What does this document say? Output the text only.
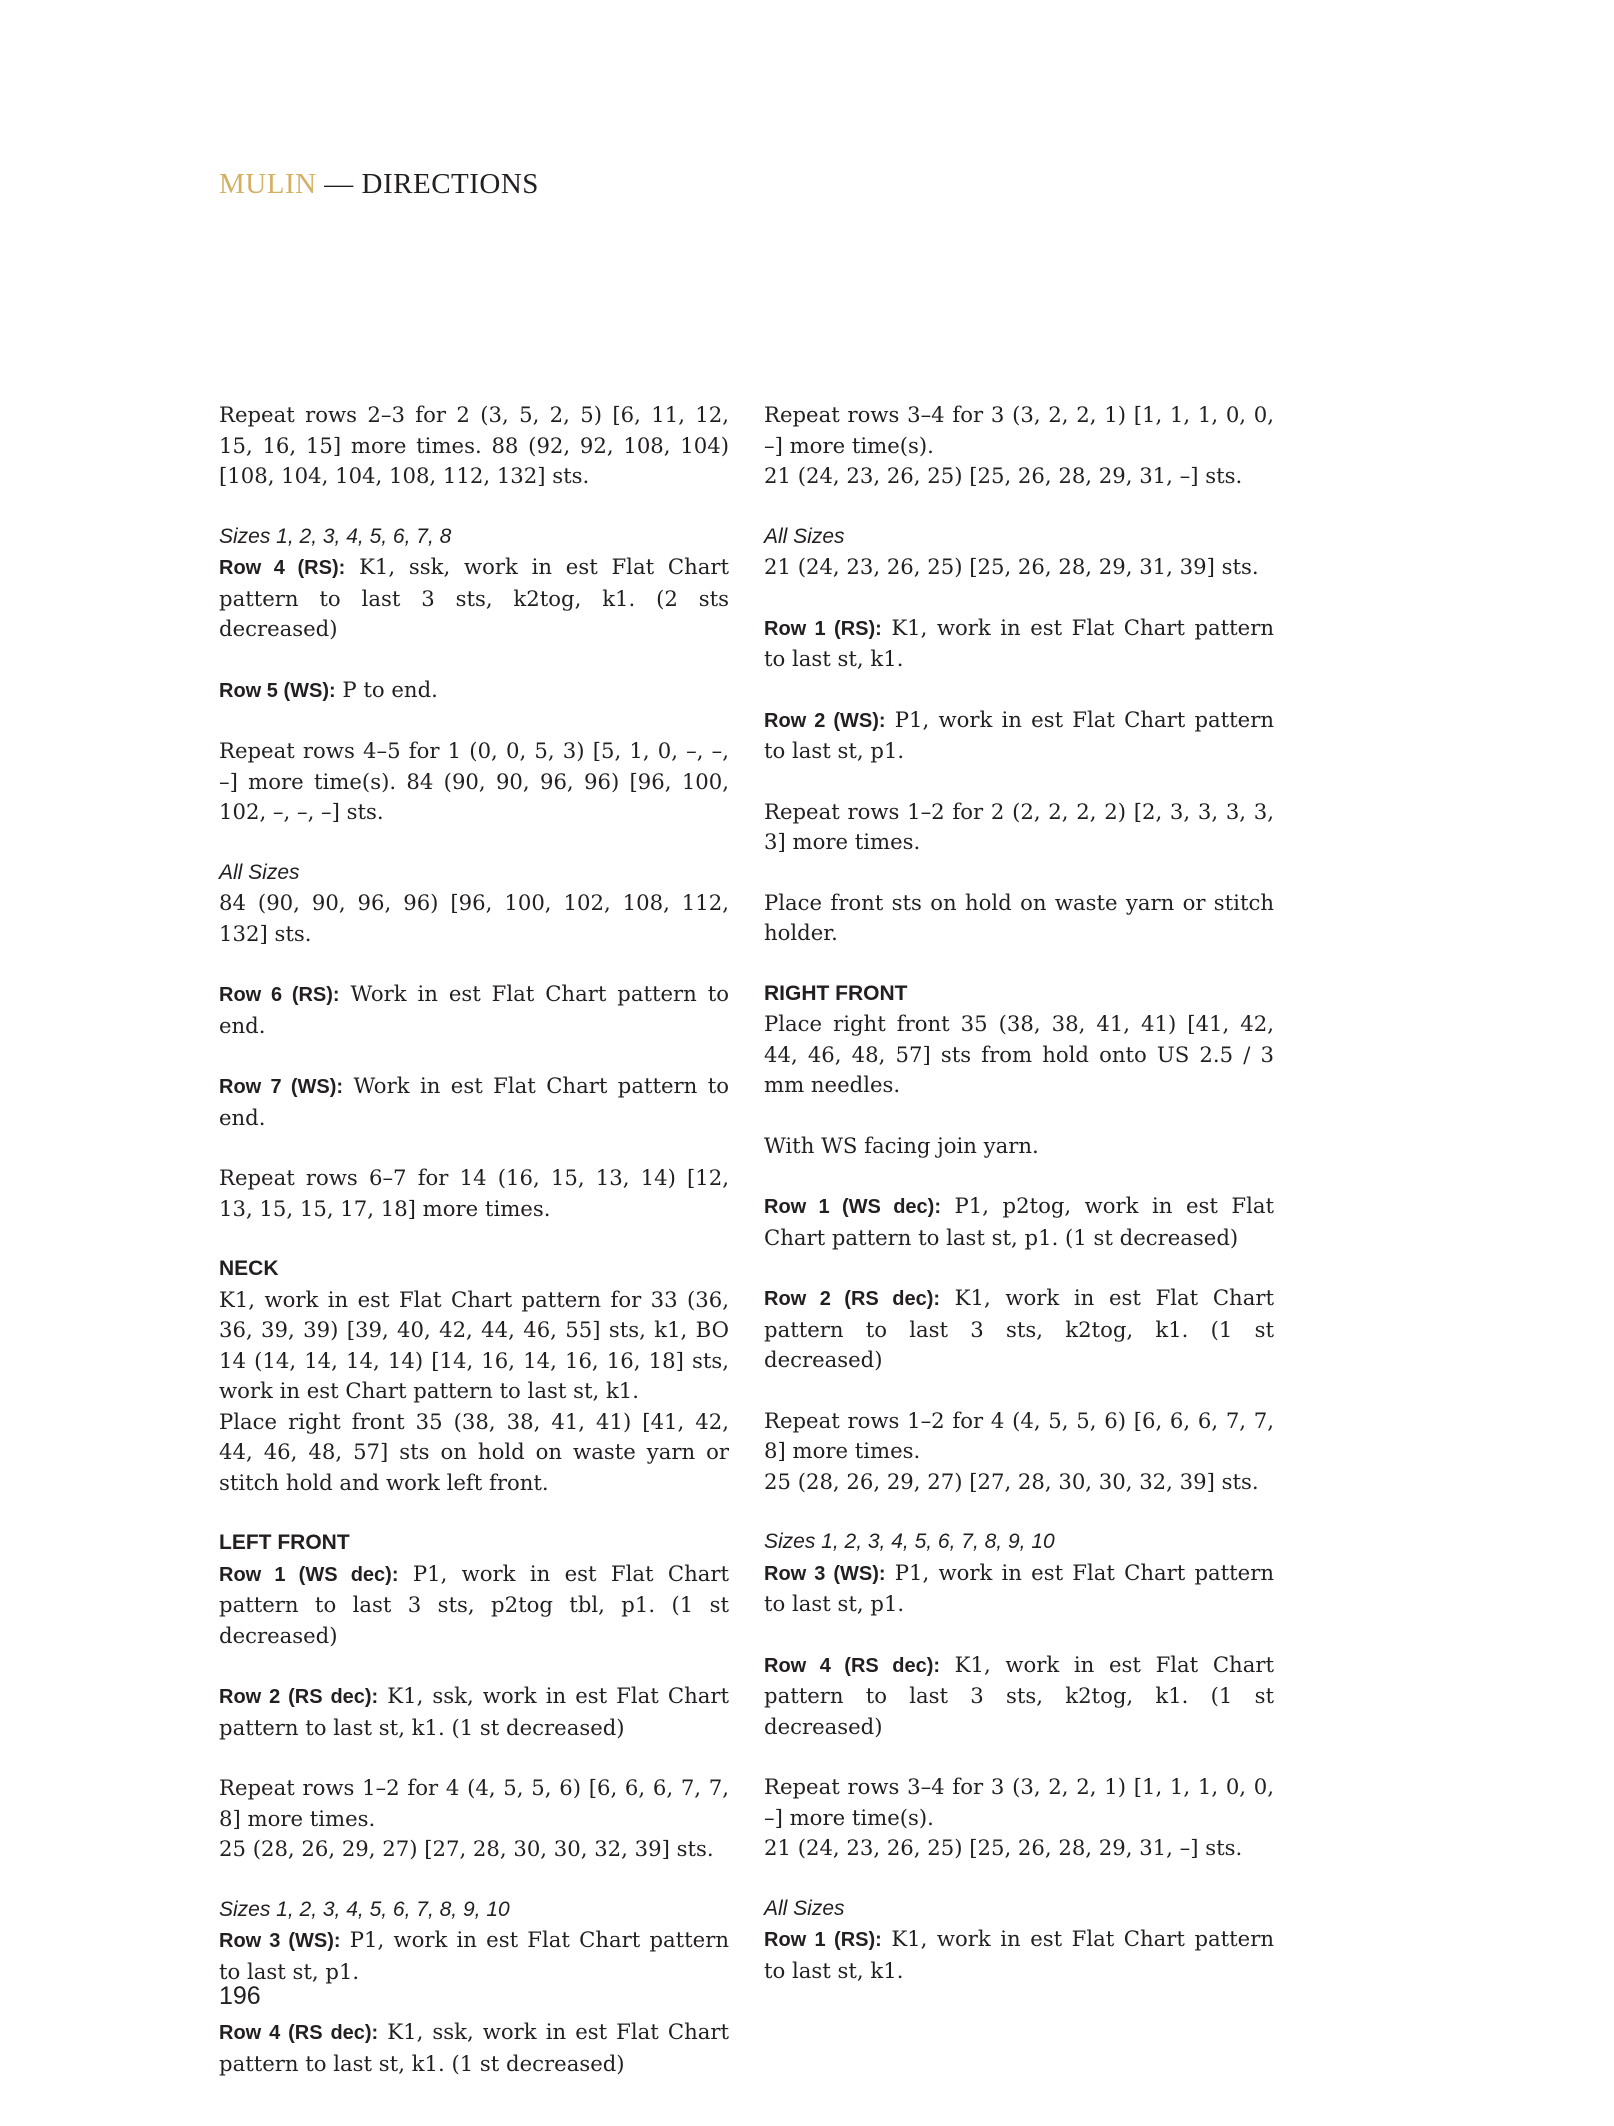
MULIN — DIRECTIONS

Repeat rows 2–3 for 2 (3, 5, 2, 5) [6, 11, 12, 15, 16, 15] more times. 88 (92, 92, 108, 104) [108, 104, 104, 108, 112, 132] sts.

Sizes 1, 2, 3, 4, 5, 6, 7, 8

Row 4 (RS): K1, ssk, work in est Flat Chart pattern to last 3 sts, k2tog, k1. (2 sts decreased)

Row 5 (WS): P to end.

Repeat rows 4–5 for 1 (0, 0, 5, 3) [5, 1, 0, –, –, –] more time(s). 84 (90, 90, 96, 96) [96, 100, 102, –, –, –] sts.

All Sizes

84 (90, 90, 96, 96) [96, 100, 102, 108, 112, 132] sts.

Row 6 (RS): Work in est Flat Chart pattern to end.

Row 7 (WS): Work in est Flat Chart pattern to end.

Repeat rows 6–7 for 14 (16, 15, 13, 14) [12, 13, 15, 15, 17, 18] more times.

NECK

K1, work in est Flat Chart pattern for 33 (36, 36, 39, 39) [39, 40, 42, 44, 46, 55] sts, k1, BO 14 (14, 14, 14, 14) [14, 16, 14, 16, 16, 18] sts, work in est Chart pattern to last st, k1.

Place right front 35 (38, 38, 41, 41) [41, 42, 44, 46, 48, 57] sts on hold on waste yarn or stitch hold and work left front.

LEFT FRONT

Row 1 (WS dec): P1, work in est Flat Chart pattern to last 3 sts, p2tog tbl, p1. (1 st decreased)

Row 2 (RS dec): K1, ssk, work in est Flat Chart pattern to last st, k1. (1 st decreased)

Repeat rows 1–2 for 4 (4, 5, 5, 6) [6, 6, 6, 7, 7, 8] more times.

25 (28, 26, 29, 27) [27, 28, 30, 30, 32, 39] sts.

Sizes 1, 2, 3, 4, 5, 6, 7, 8, 9, 10

Row 3 (WS): P1, work in est Flat Chart pattern to last st, p1.

Row 4 (RS dec): K1, ssk, work in est Flat Chart pattern to last st, k1. (1 st decreased)

Repeat rows 3–4 for 3 (3, 2, 2, 1) [1, 1, 1, 0, 0, –] more time(s).

21 (24, 23, 26, 25) [25, 26, 28, 29, 31, –] sts.

All Sizes

21 (24, 23, 26, 25) [25, 26, 28, 29, 31, 39] sts.

Row 1 (RS): K1, work in est Flat Chart pattern to last st, k1.

Row 2 (WS): P1, work in est Flat Chart pattern to last st, p1.

Repeat rows 1–2 for 2 (2, 2, 2, 2) [2, 3, 3, 3, 3, 3] more times.

Place front sts on hold on waste yarn or stitch holder.

RIGHT FRONT

Place right front 35 (38, 38, 41, 41) [41, 42, 44, 46, 48, 57] sts from hold onto US 2.5 / 3 mm needles.

With WS facing join yarn.

Row 1 (WS dec): P1, p2tog, work in est Flat Chart pattern to last st, p1. (1 st decreased)

Row 2 (RS dec): K1, work in est Flat Chart pattern to last 3 sts, k2tog, k1. (1 st decreased)

Repeat rows 1–2 for 4 (4, 5, 5, 6) [6, 6, 6, 7, 7, 8] more times.

25 (28, 26, 29, 27) [27, 28, 30, 30, 32, 39] sts.

Sizes 1, 2, 3, 4, 5, 6, 7, 8, 9, 10

Row 3 (WS): P1, work in est Flat Chart pattern to last st, p1.

Row 4 (RS dec): K1, work in est Flat Chart pattern to last 3 sts, k2tog, k1. (1 st decreased)

Repeat rows 3–4 for 3 (3, 2, 2, 1) [1, 1, 1, 0, 0, –] more time(s).

21 (24, 23, 26, 25) [25, 26, 28, 29, 31, –] sts.

All Sizes

Row 1 (RS): K1, work in est Flat Chart pattern to last st, k1.

196
